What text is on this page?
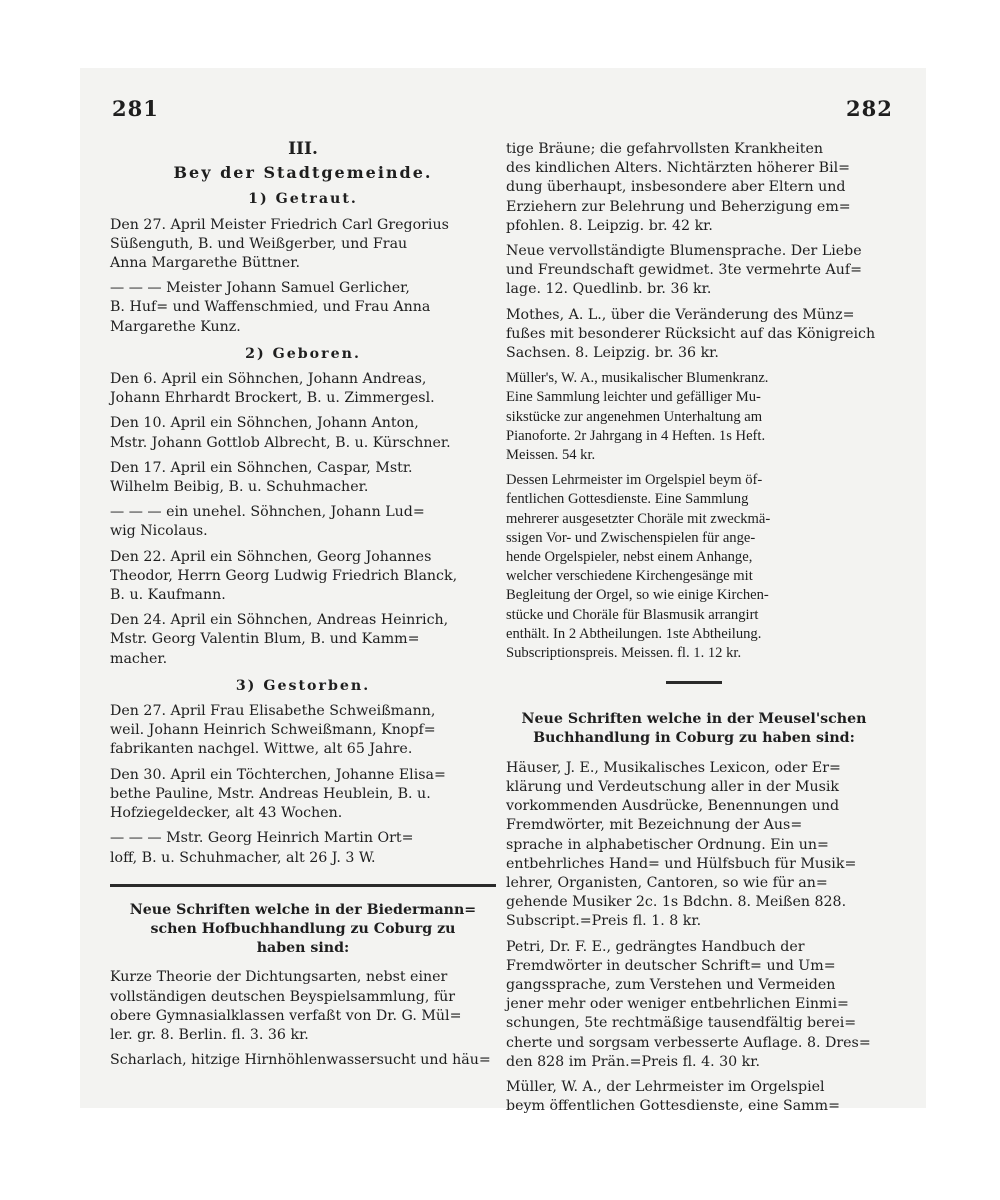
281	282
III.
Bey der Stadtgemeinde.
1) Getraut.
Den 27. April Meister Friedrich Carl Gregorius
Süßenguth, B. und Weißgerber, und Frau
Anna Margarethe Büttner.
— — — Meister Johann Samuel Gerlicher,
B. Huf= und Waffenschmied, und Frau Anna
Margarethe Kunz.
2) Geboren.
Den 6. April ein Söhnchen, Johann Andreas,
Johann Ehrhardt Brockert, B. u. Zimmergesl.
Den 10. April ein Söhnchen, Johann Anton,
Mstr. Johann Gottlob Albrecht, B. u. Kürschner.
Den 17. April ein Söhnchen, Caspar, Mstr.
Wilhelm Beibig, B. u. Schuhmacher.
— — — ein unehel. Söhnchen, Johann Lud=
wig Nicolaus.
Den 22. April ein Söhnchen, Georg Johannes
Theodor, Herrn Georg Ludwig Friedrich Blanck,
B. u. Kaufmann.
Den 24. April ein Söhnchen, Andreas Heinrich,
Mstr. Georg Valentin Blum, B. und Kamm=
macher.
3) Gestorben.
Den 27. April Frau Elisabethe Schweißmann,
weil. Johann Heinrich Schweißmann, Knopf=
fabrikanten nachgel. Wittwe, alt 65 Jahre.
Den 30. April ein Töchterchen, Johanne Elisa=
bethe Pauline, Mstr. Andreas Heublein, B. u.
Hofziegeldecker, alt 43 Wochen.
— — — Mstr. Georg Heinrich Martin Ort=
loff, B. u. Schuhmacher, alt 26 J. 3 W.
Neue Schriften welche in der Biedermann=
schen Hofbuchhandlung zu Coburg zu
haben sind:
Kurze Theorie der Dichtungsarten, nebst einer
vollständigen deutschen Beyspielsammlung, für
obere Gymnasialklassen verfaßt von Dr. G. Mül=
ler. gr. 8. Berlin. fl. 3. 36 kr.
Scharlach, hitzige Hirnhöhlenwassersucht und häu=
tige Bräune; die gefahrvollsten Krankheiten
des kindlichen Alters. Nichtärzten höherer Bil=
dung überhaupt, insbesondere aber Eltern und
Erziehern zur Belehrung und Beherzigung em=
pfohlen. 8. Leipzig. br. 42 kr.
Neue vervollständigte Blumensprache. Der Liebe
und Freundschaft gewidmet. 3te vermehrte Auf=
lage. 12. Quedlinb. br. 36 kr.
Mothes, A. L., über die Veränderung des Münz=
fußes mit besonderer Rücksicht auf das Königreich
Sachsen. 8. Leipzig. br. 36 kr.
Müller's, W. A., musikalischer Blumenkranz.
Eine Sammlung leichter und gefälliger Mu-
sikstücke zur angenehmen Unterhaltung am
Pianoforte. 2r Jahrgang in 4 Heften. 1s Heft.
Meissen. 54 kr.
Dessen Lehrmeister im Orgelspiel beym öf-
fentlichen Gottesdienste. Eine Sammlung
mehrerer ausgesetzter Choräle mit zweckmä-
ssigen Vor- und Zwischenspielen für ange-
hende Orgelspieler, nebst einem Anhange,
welcher verschiedene Kirchengesänge mit
Begleitung der Orgel, so wie einige Kirchen-
stücke und Choräle für Blasmusik arrangirt
enthält. In 2 Abtheilungen. 1ste Abtheilung.
Subscriptionspreis. Meissen. fl. 1. 12 kr.
Neue Schriften welche in der Meusel'schen
Buchhandlung in Coburg zu haben sind:
Häuser, J. E., Musikalisches Lexicon, oder Er=
klärung und Verdeutschung aller in der Musik
vorkommenden Ausdrücke, Benennungen und
Fremdwörter, mit Bezeichnung der Aus=
sprache in alphabetischer Ordnung. Ein un=
entbehrliches Hand= und Hülfsbuch für Musik=
lehrer, Organisten, Cantoren, so wie für an=
gehende Musiker 2c. 1s Bdchn. 8. Meißen 828.
Subscript.=Preis fl. 1. 8 kr.
Petri, Dr. F. E., gedrängtes Handbuch der
Fremdwörter in deutscher Schrift= und Um=
gangssprache, zum Verstehen und Vermeiden
jener mehr oder weniger entbehrlichen Einmi=
schungen, 5te rechtmäßige tausendfältig berei=
cherte und sorgsam verbesserte Auflage. 8. Dres=
den 828 im Prän.=Preis fl. 4. 30 kr.
Müller, W. A., der Lehrmeister im Orgelspiel
beym öffentlichen Gottesdienste, eine Samm=
